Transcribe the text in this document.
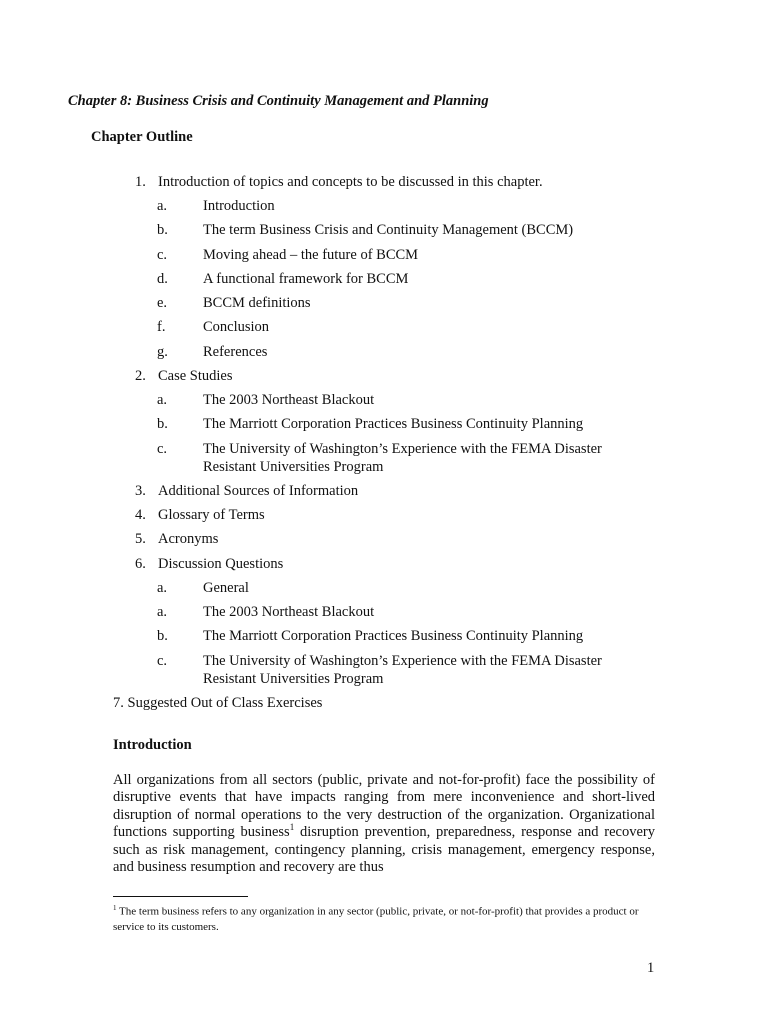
Chapter 8: Business Crisis and Continuity Management and Planning
Chapter Outline
1. Introduction of topics and concepts to be discussed in this chapter.
a. Introduction
b. The term Business Crisis and Continuity Management (BCCM)
c. Moving ahead – the future of BCCM
d. A functional framework for BCCM
e. BCCM definitions
f.	Conclusion
g. References
2. Case Studies
a. The 2003 Northeast Blackout
b. The Marriott Corporation Practices Business Continuity Planning
c. The University of Washington’s Experience with the FEMA Disaster
Resistant Universities Program
3. Additional Sources of Information
4. Glossary of Terms
5. Acronyms
6. Discussion Questions
a. General
a. The 2003 Northeast Blackout
b. The Marriott Corporation Practices Business Continuity Planning
c. The University of Washington’s Experience with the FEMA Disaster
Resistant Universities Program
7. Suggested Out of Class Exercises
Introduction
All organizations from all sectors (public, private and not-for-profit) face the possibility of disruptive events that have impacts ranging from mere inconvenience and short-lived disruption of normal operations to the very destruction of the organization. Organizational functions supporting business$^1$ disruption prevention, preparedness, response and recovery such as risk management, contingency planning, crisis management, emergency response, and business resumption and recovery are thus
$^1$ The term business refers to any organization in any sector (public, private, or not-for-profit) that provides a product or service to its customers.
1
